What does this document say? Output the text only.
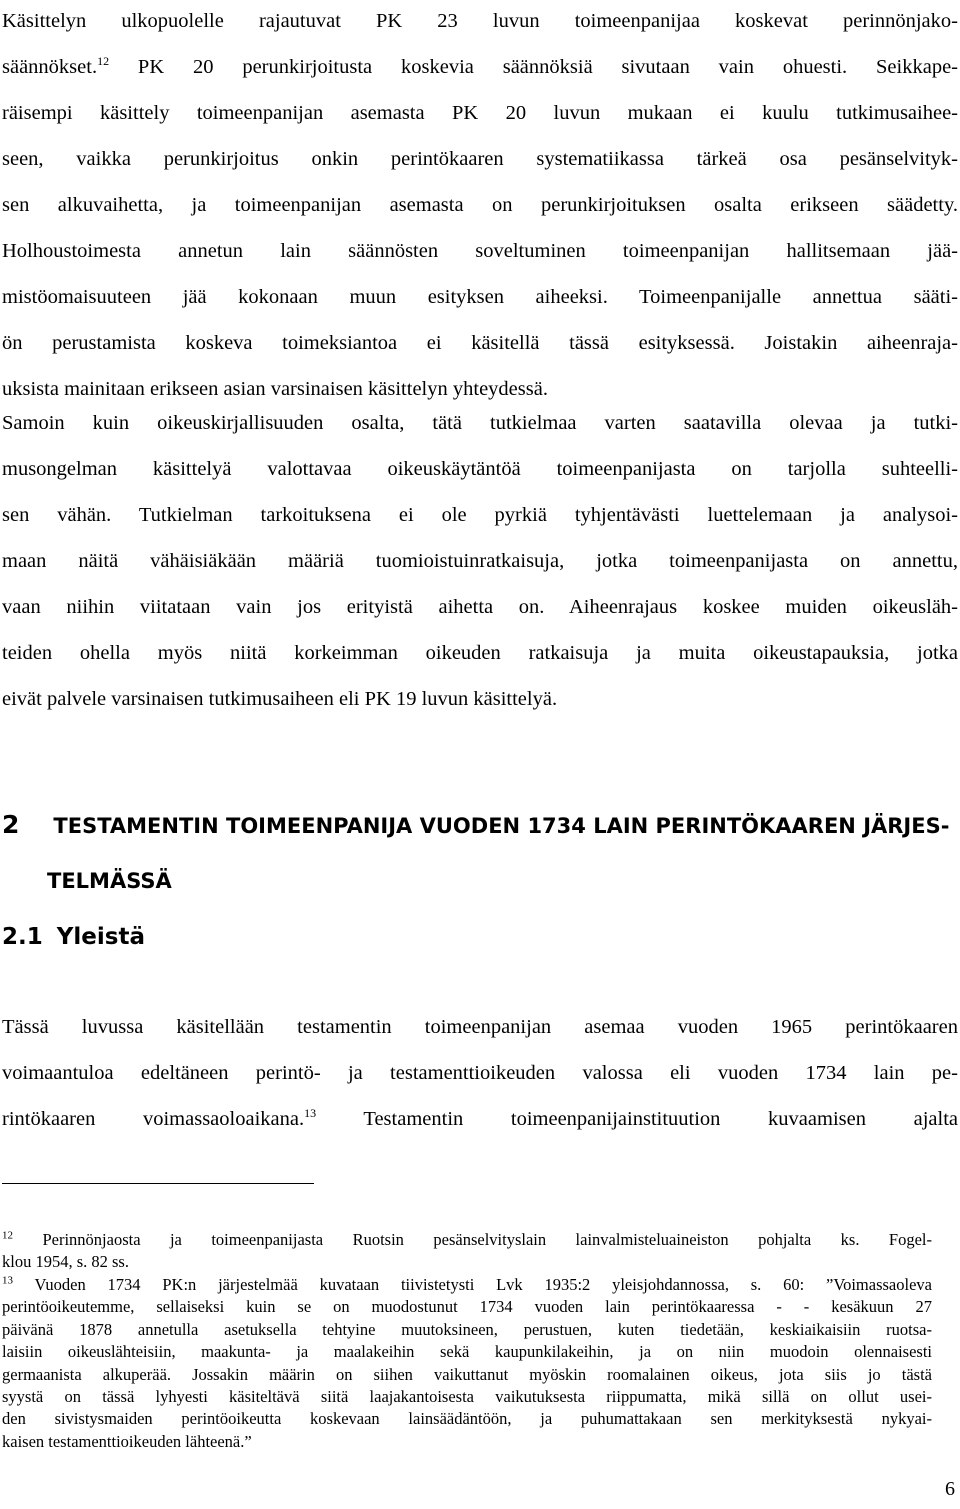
Käsittelyn ulkopuolelle rajautuvat PK 23 luvun toimeenpanijaa koskevat perinnönjako-
säännökset.$^{12}$ PK 20 perunkirjoitusta koskevia säännöksiä sivutaan vain ohuesti. Seikkape-
räisempi käsittely toimeenpanijan asemasta PK 20 luvun mukaan ei kuulu tutkimusaihee-
seen, vaikka perunkirjoitus onkin perintökaaren systematiikassa tärkeä osa pesänselvityk-
sen alkuvaihetta, ja toimeenpanijan asemasta on perunkirjoituksen osalta erikseen säädetty.
Holhoustoimesta annetun lain säännösten soveltuminen toimeenpanijan hallitsemaan jää-
mistöomaisuuteen jää kokonaan muun esityksen aiheeksi. Toimeenpanijalle annettua sääti-
ön perustamista koskeva toimeksiantoa ei käsitellä tässä esityksessä. Joistakin aiheenraja-
uksista mainitaan erikseen asian varsinaisen käsittelyn yhteydessä.
Samoin kuin oikeuskirjallisuuden osalta, tätä tutkielmaa varten saatavilla olevaa ja tutki-
musongelman käsittelyä valottavaa oikeuskäytäntöä toimeenpanijasta on tarjolla suhteelli-
sen vähän. Tutkielman tarkoituksena ei ole pyrkiä tyhjentävästi luettelemaan ja analysoi-
maan näitä vähäisiäkään määriä tuomioistuinratkaisuja, jotka toimeenpanijasta on annettu,
vaan niihin viitataan vain jos erityistä aihetta on. Aiheenrajaus koskee muiden oikeusläh-
teiden ohella myös niitä korkeimman oikeuden ratkaisuja ja muita oikeustapauksia, jotka
eivät palvele varsinaisen tutkimusaiheen eli PK 19 luvun käsittelyä.
2 TESTAMENTIN TOIMEENPANIJA VUODEN 1734 LAIN PERINTÖKAAREN JÄRJES-
TELMÄSSÄ
2.1 Yleistä
Tässä luvussa käsitellään testamentin toimeenpanijan asemaa vuoden 1965 perintökaaren
voimaantuloa edeltäneen perintö- ja testamenttioikeuden valossa eli vuoden 1734 lain pe-
rintökaaren voimassaoloaikana.$^{13}$ Testamentin toimeenpanijainstituution kuvaamisen ajalta
$^{12}$ Perinnönjaosta ja toimeenpanijasta Ruotsin pesänselvityslain lainvalmisteluaineiston pohjalta ks. Fogel-
klou 1954, s. 82 ss.
$^{13}$ Vuoden 1734 PK:n järjestelmää kuvataan tiivistetysti Lvk 1935:2 yleisjohdannossa, s. 60: ”Voimassaoleva
perintöoikeutemme, sellaiseksi kuin se on muodostunut 1734 vuoden lain perintökaaressa - - kesäkuun 27
päivänä 1878 annetulla asetuksella tehtyine muutoksineen, perustuen, kuten tiedetään, keskiaikaisiin ruotsa-
laisiin oikeuslähteisiin, maakunta- ja maalakeihin sekä kaupunkilakeihin, ja on niin muodoin olennaisesti
germaanista alkuperää. Jossakin määrin on siihen vaikuttanut myöskin roomalainen oikeus, jota siis jo tästä
syystä on tässä lyhyesti käsiteltävä siitä laajakantoisesta vaikutuksesta riippumatta, mikä sillä on ollut usei-
den sivistysmaiden perintöoikeutta koskevaan lainsäädäntöön, ja puhumattakaan sen merkityksestä nykyai-
kaisen testamenttioikeuden lähteenä.”
6
